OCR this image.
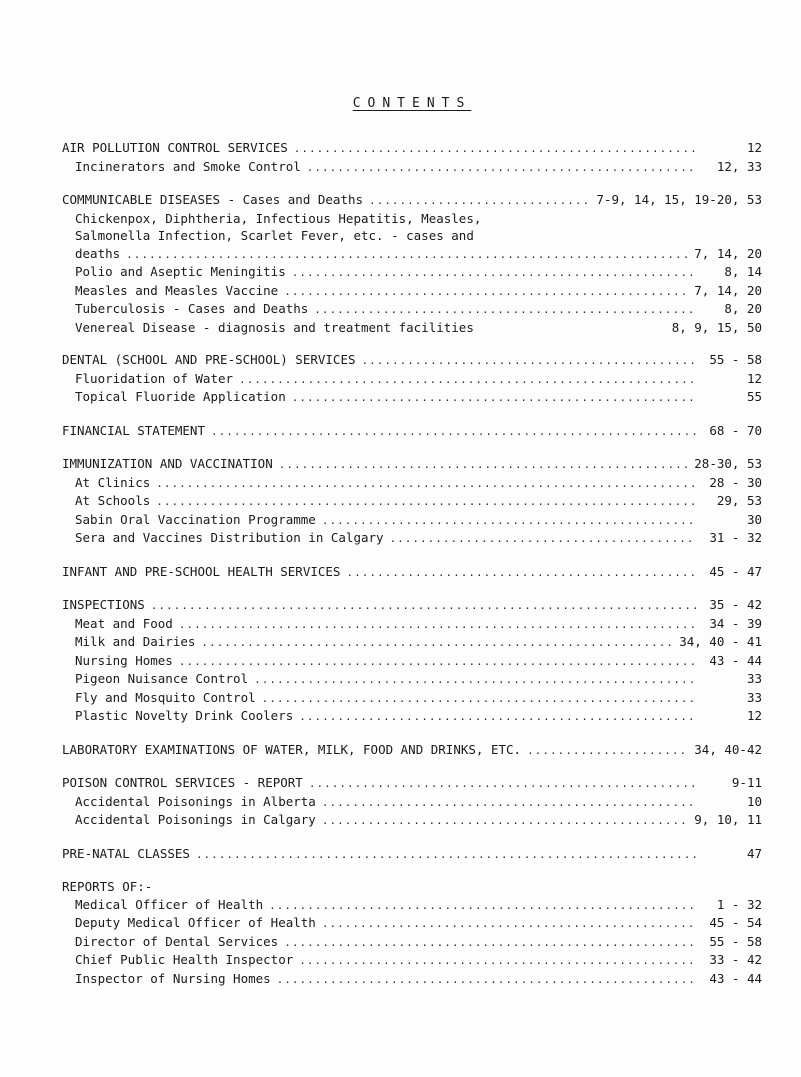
CONTENTS
AIR POLLUTION CONTROL SERVICES .....	12
Incinerators and Smoke Control .....	12, 33
COMMUNICABLE DISEASES - Cases and Deaths .....	7-9, 14, 15, 19-20, 53
Chickenpox, Diphtheria, Infectious Hepatitis, Measles,
Salmonella Infection, Scarlet Fever, etc. - cases and
deaths .....	7, 14, 20
Polio and Aseptic Meningitis .....	8, 14
Measles and Measles Vaccine .....	7, 14, 20
Tuberculosis - Cases and Deaths .....	8, 20
Venereal Disease - diagnosis and treatment facilities	8, 9, 15, 50
DENTAL (SCHOOL AND PRE-SCHOOL) SERVICES .....	55 - 58
Fluoridation of Water .....	12
Topical Fluoride Application .....	55
FINANCIAL STATEMENT .....	68 - 70
IMMUNIZATION AND VACCINATION .....	28-30, 53
At Clinics .....	28 - 30
At Schools .....	29, 53
Sabin Oral Vaccination Programme .....	30
Sera and Vaccines Distribution in Calgary .....	31 - 32
INFANT AND PRE-SCHOOL HEALTH SERVICES .....	45 - 47
INSPECTIONS .....	35 - 42
Meat and Food .....	34 - 39
Milk and Dairies .....	34, 40 - 41
Nursing Homes .....	43 - 44
Pigeon Nuisance Control .....	33
Fly and Mosquito Control .....	33
Plastic Novelty Drink Coolers .....	12
LABORATORY EXAMINATIONS OF WATER, MILK, FOOD AND DRINKS, ETC. .....	34, 40-42
POISON CONTROL SERVICES - REPORT .....	9-11
Accidental Poisonings in Alberta .....	10
Accidental Poisonings in Calgary .....	9, 10, 11
PRE-NATAL CLASSES .....	47
REPORTS OF:-
Medical Officer of Health .....	1 - 32
Deputy Medical Officer of Health .....	45 - 54
Director of Dental Services .....	55 - 58
Chief Public Health Inspector .....	33 - 42
Inspector of Nursing Homes .....	43 - 44
